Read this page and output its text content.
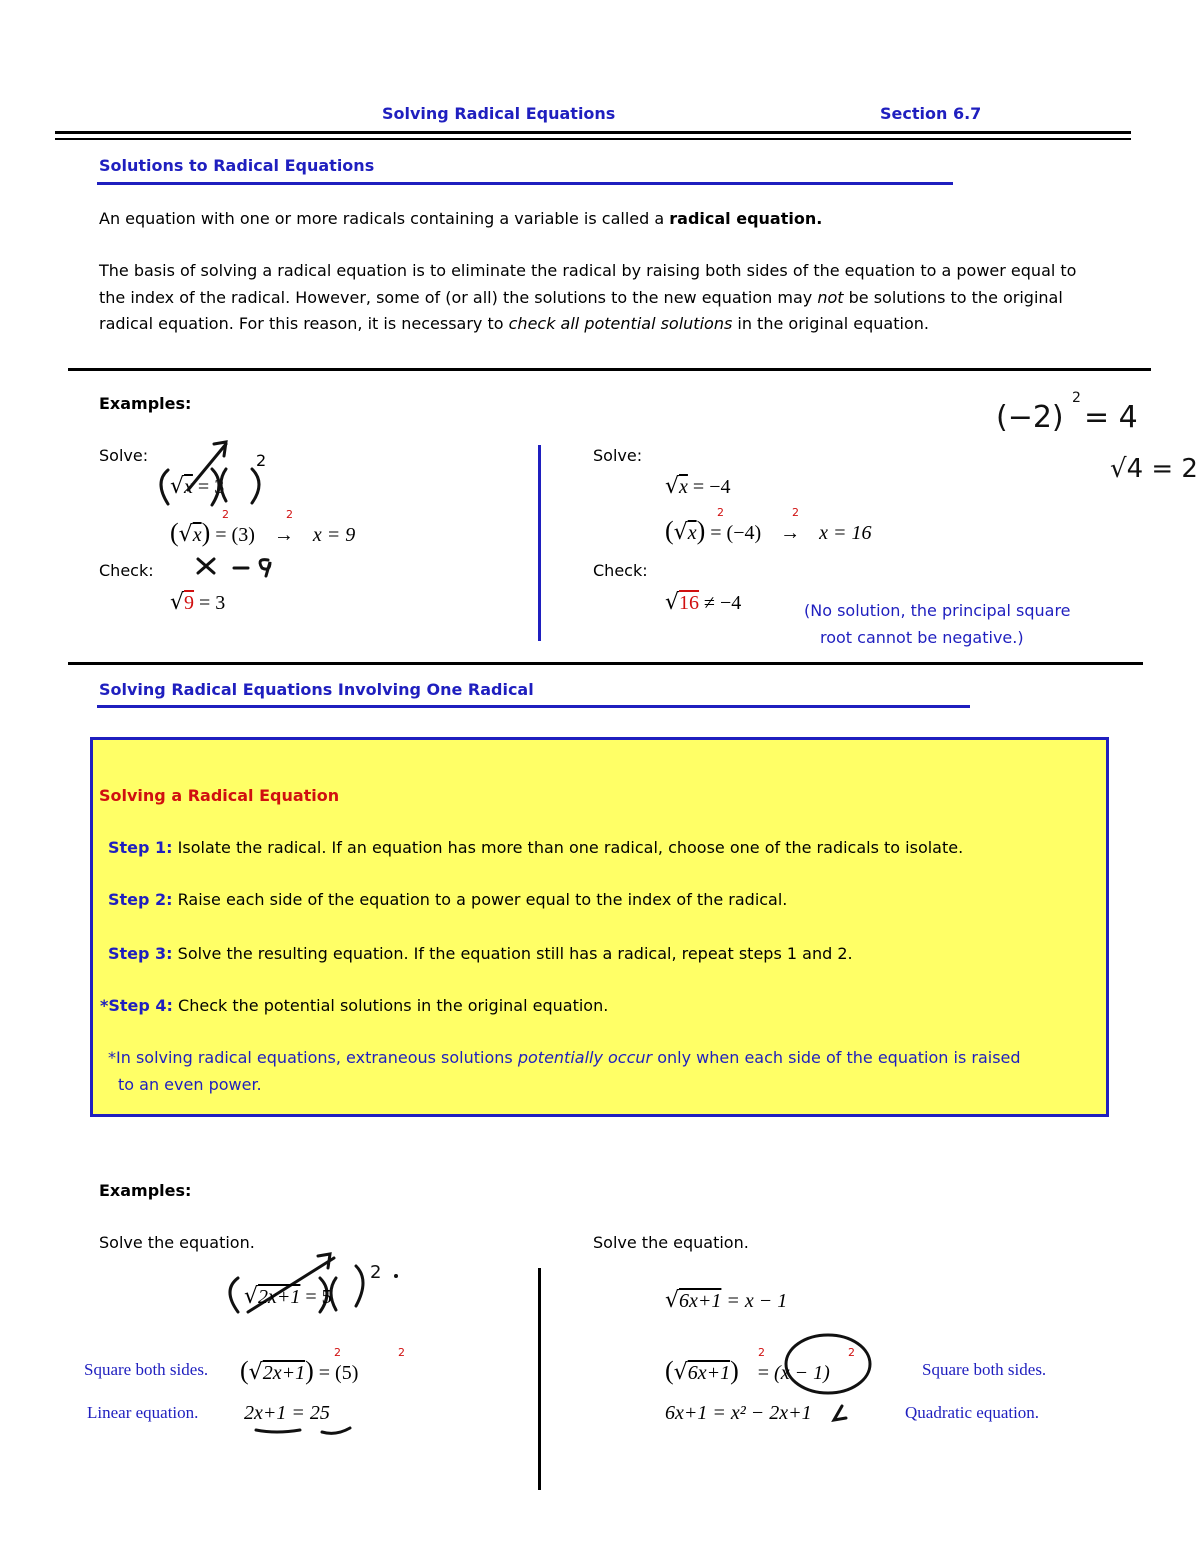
Solving Radical Equations	Section 6.7
Solutions to Radical Equations
An equation with one or more radicals containing a variable is called a radical equation.
The basis of solving a radical equation is to eliminate the radical by raising both sides of the equation to a power equal to the index of the radical. However, some of (or all) the solutions to the new equation may not be solutions to the original radical equation. For this reason, it is necessary to check all potential solutions in the original equation.
Examples:
Solve:
√x = 3
(√x) = (3) → x = 9
2	2
Check:
√9 = 3
2
(−2)
2
= 4
√4 = 2
2
Solve:
√x = −4
(√x) = (−4) → x = 16
2	2
Check:
√16 ≠ −4	(No solution, the principal square
root cannot be negative.)
Solving Radical Equations Involving One Radical
Solving a Radical Equation
Step 1: Isolate the radical. If an equation has more than one radical, choose one of the radicals to isolate.
Step 2: Raise each side of the equation to a power equal to the index of the radical.
Step 3: Solve the resulting equation. If the equation still has a radical, repeat steps 1 and 2.
*Step 4: Check the potential solutions in the original equation.
*In solving radical equations, extraneous solutions potentially occur only when each side of the equation is raised
to an even power.
Examples:
Solve the equation.
√2x+1 = 5
Square both sides. (√2x+1) = (5)
2	2
Linear equation. 2x+1 = 25
Solve the equation.
√6x+1 = x − 1
(√6x+1) = (x − 1)
2	2
Square both sides.
6x+1 = x² − 2x+1	Quadratic equation.
